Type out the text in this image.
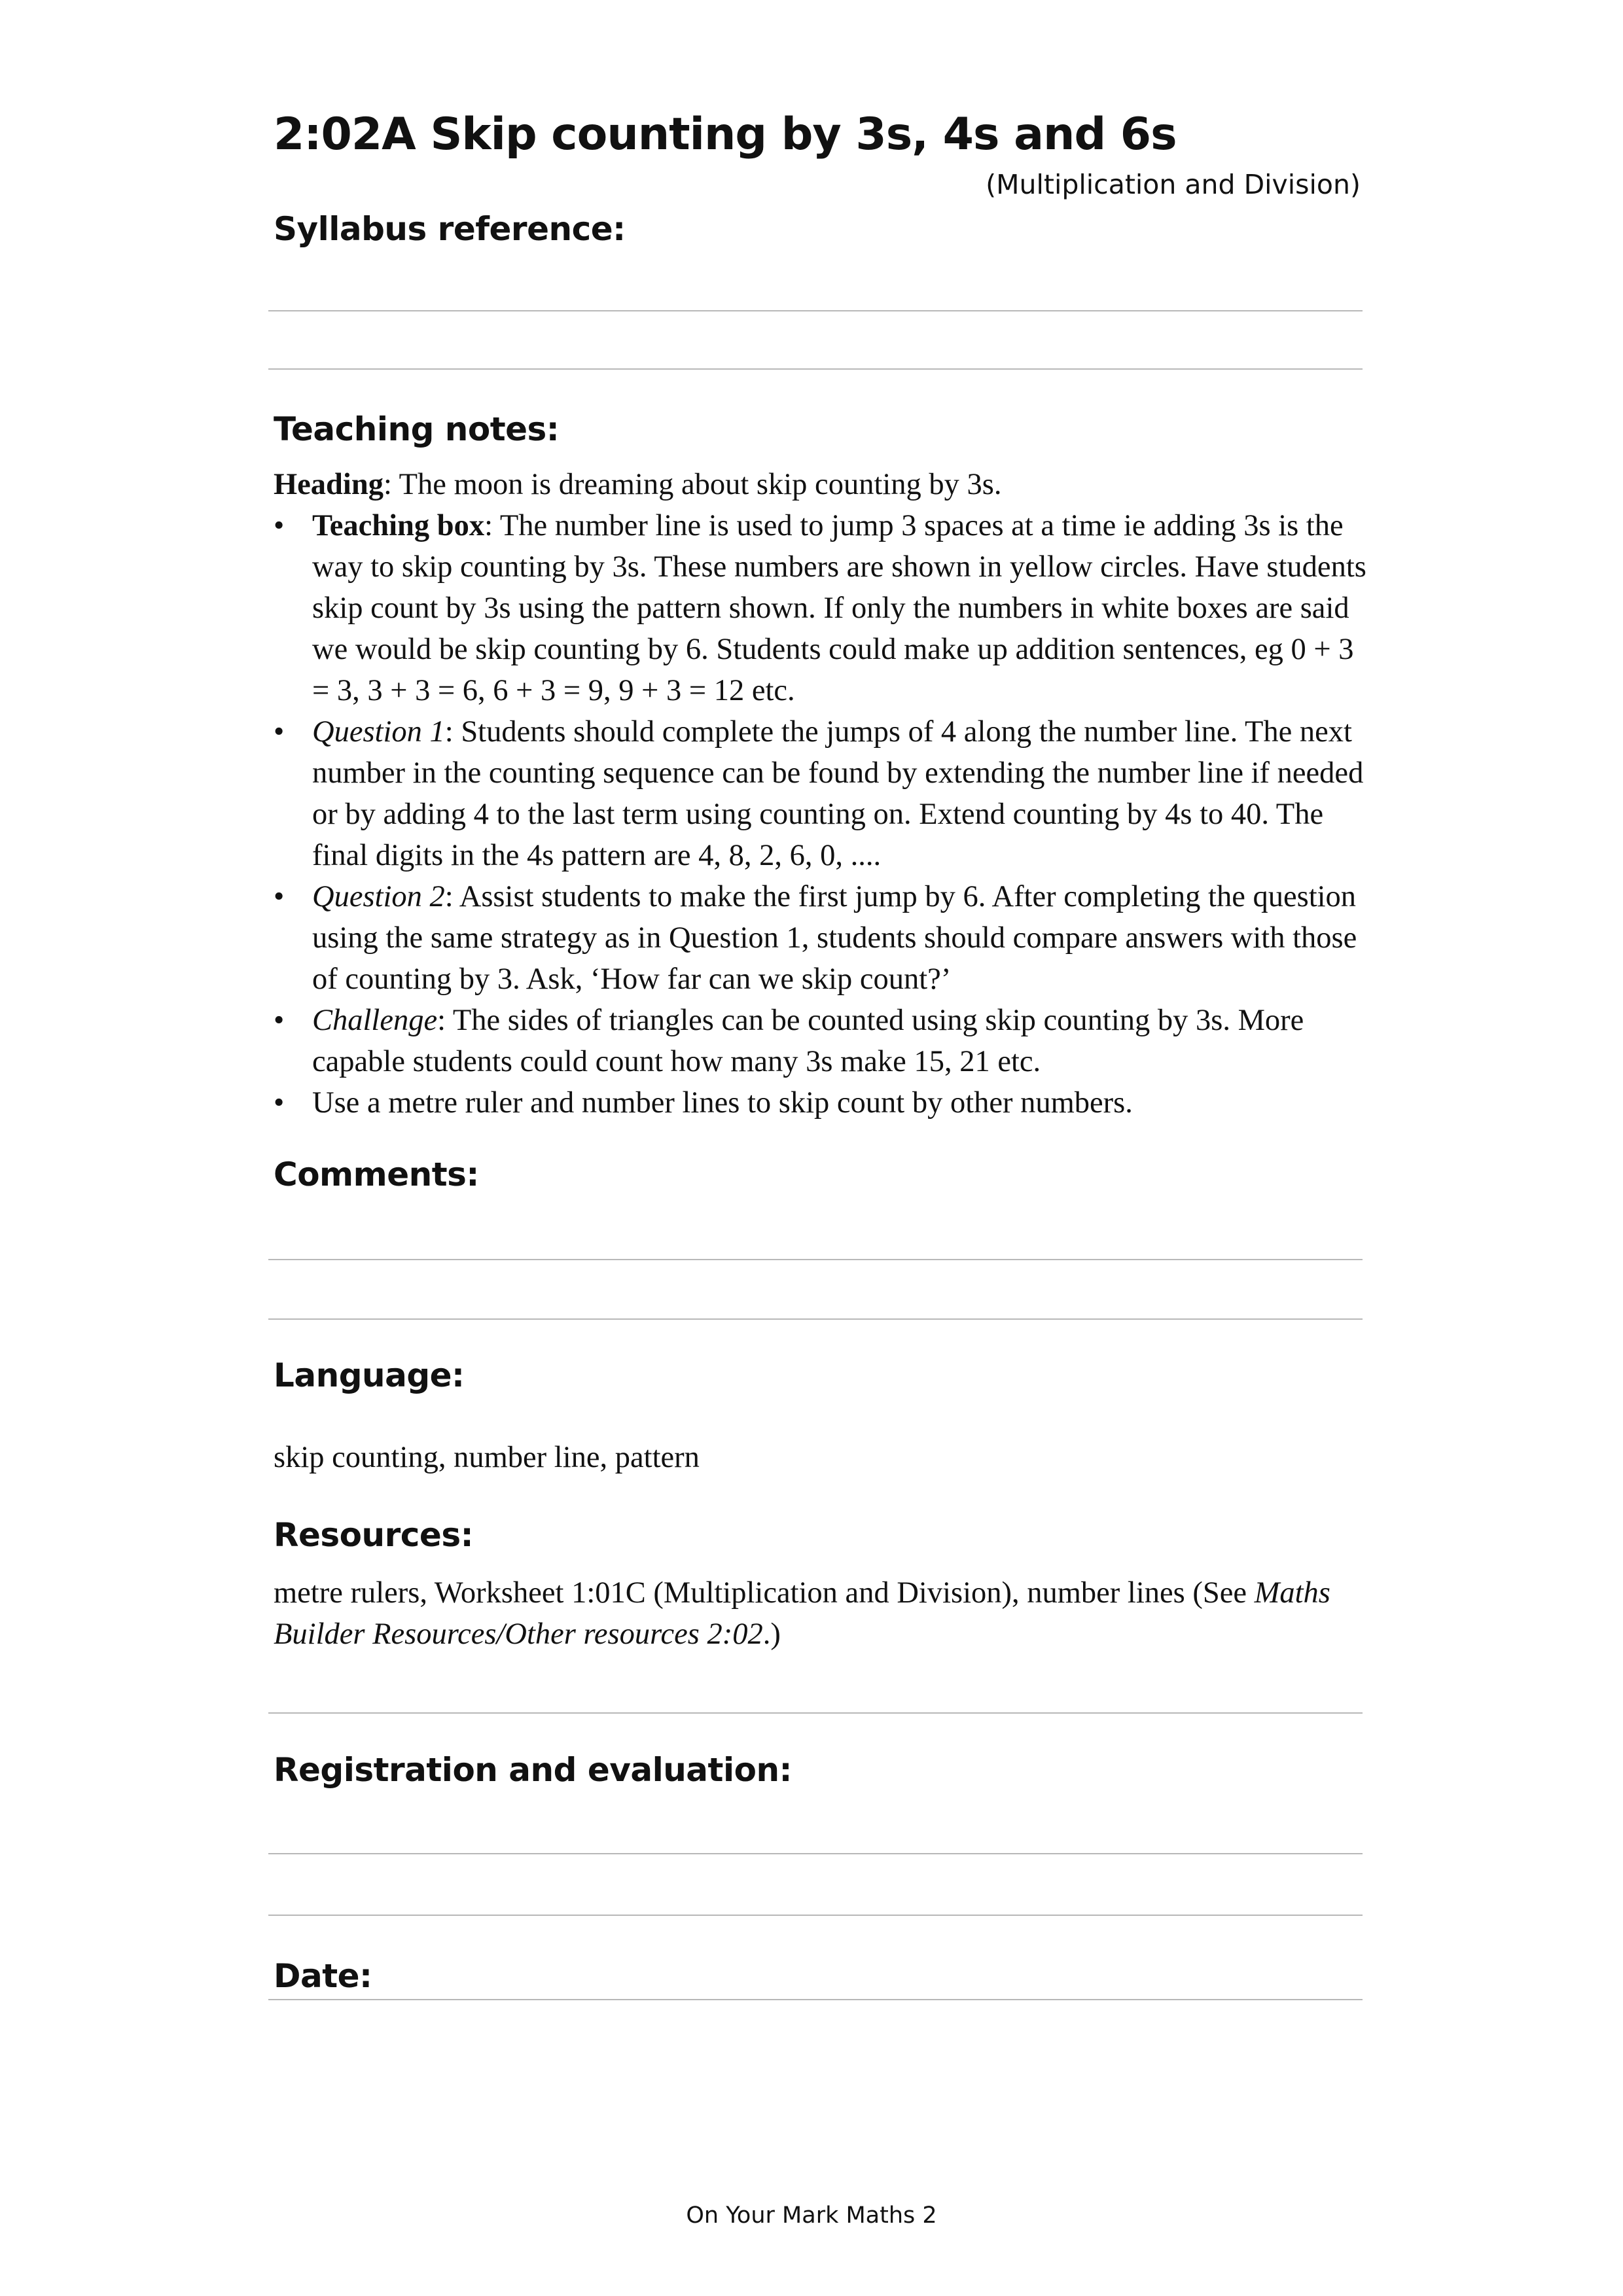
2:02A Skip counting by 3s, 4s and 6s
(Multiplication and Division)
Syllabus reference:
Teaching notes:

Heading: The moon is dreaming about skip counting by 3s.

• Teaching box: The number line is used to jump 3 spaces at a time ie adding 3s is the way to skip counting by 3s. These numbers are shown in yellow circles. Have students skip count by 3s using the pattern shown. If only the numbers in white boxes are said we would be skip counting by 6. Students could make up addition sentences, eg 0 + 3 = 3, 3 + 3 = 6, 6 + 3 = 9, 9 + 3 = 12 etc.
• Question 1: Students should complete the jumps of 4 along the number line. The next number in the counting sequence can be found by extending the number line if needed or by adding 4 to the last term using counting on. Extend counting by 4s to 40. The final digits in the 4s pattern are 4, 8, 2, 6, 0, ....
• Question 2: Assist students to make the first jump by 6. After completing the question using the same strategy as in Question 1, students should compare answers with those of counting by 3. Ask, ‘How far can we skip count?’
• Challenge: The sides of triangles can be counted using skip counting by 3s. More capable students could count how many 3s make 15, 21 etc.
• Use a metre ruler and number lines to skip count by other numbers.
Comments:
Language:
skip counting, number line, pattern
Resources:
metre rulers, Worksheet 1:01C (Multiplication and Division), number lines (See Maths Builder Resources/Other resources 2:02.)
Registration and evaluation:
Date:
On Your Mark Maths 2
